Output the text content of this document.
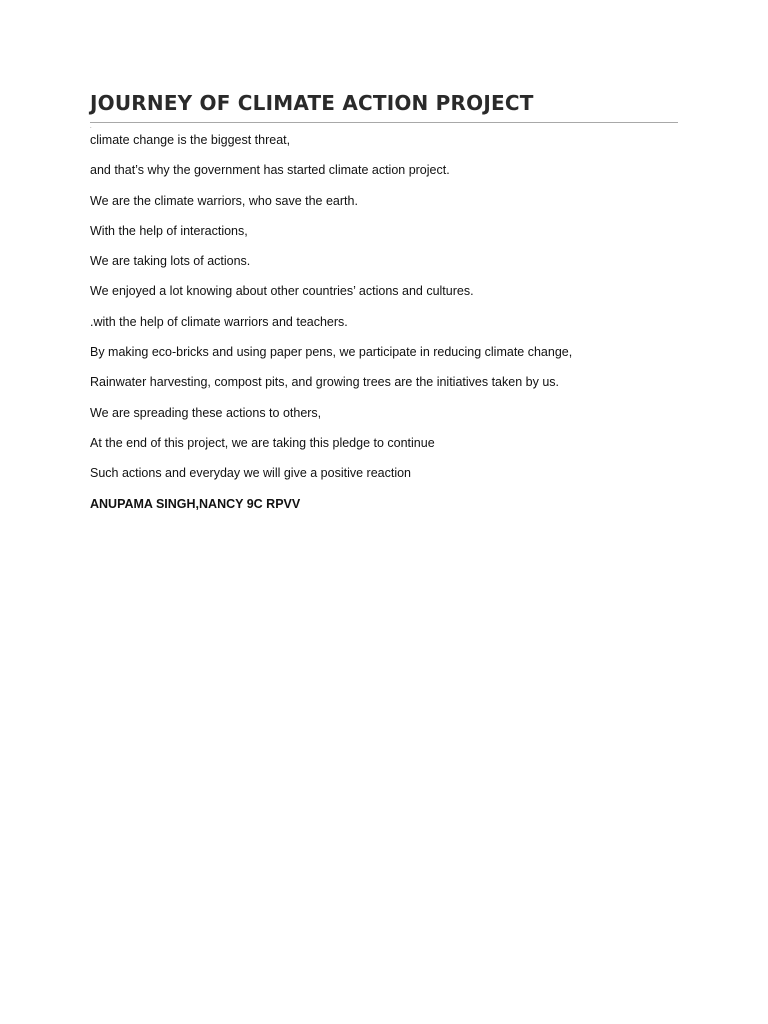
JOURNEY OF CLIMATE ACTION PROJECT
.
climate change is the biggest threat,
and that’s why the government has started climate action project.
We are the climate warriors, who save the earth.
With the help of interactions,
We are taking lots of actions.
We enjoyed a lot knowing about other countries’ actions and cultures.
.with the help of climate warriors and teachers.
By making eco-bricks and using paper pens, we participate in reducing climate change,
Rainwater harvesting, compost pits, and growing trees are the initiatives taken by us.
We are spreading these actions to others,
At the end of this project, we are taking this pledge to continue
Such actions and everyday we will give a positive reaction

ANUPAMA SINGH,NANCY 9C RPVV
